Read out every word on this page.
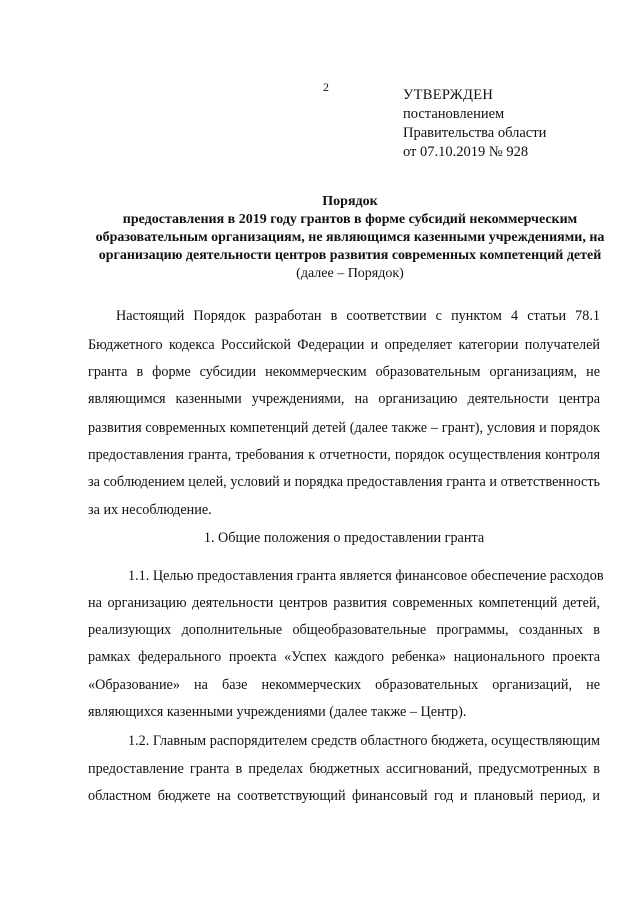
2	УТВЕРЖДЕН
постановлением
Правительства области
от 07.10.2019 № 928
Порядок
предоставления в 2019 году грантов в форме субсидий некоммерческим
образовательным организациям, не являющимся казенными учреждениями, на
организацию деятельности центров развития современных компетенций детей
(далее – Порядок)
Настоящий Порядок разработан в соответствии с пунктом 4 статьи 78.1
Бюджетного кодекса Российской Федерации и определяет категории получателей
гранта в форме субсидии некоммерческим образовательным организациям, не
являющимся казенными учреждениями, на организацию деятельности центра
развития современных компетенций детей (далее также – грант), условия и порядок
предоставления гранта, требования к отчетности, порядок осуществления контроля
за соблюдением целей, условий и порядка предоставления гранта и ответственность
за их несоблюдение.
1. Общие положения о предоставлении гранта
1.1. Целью предоставления гранта является финансовое обеспечение расходов
на организацию деятельности центров развития современных компетенций детей,
реализующих дополнительные общеобразовательные программы, созданных в
рамках федерального проекта «Успех каждого ребенка» национального проекта
«Образование» на базе некоммерческих образовательных организаций, не
являющихся казенными учреждениями (далее также – Центр).
1.2. Главным распорядителем средств областного бюджета, осуществляющим
предоставление гранта в пределах бюджетных ассигнований, предусмотренных в
областном бюджете на соответствующий финансовый год и плановый период, и
